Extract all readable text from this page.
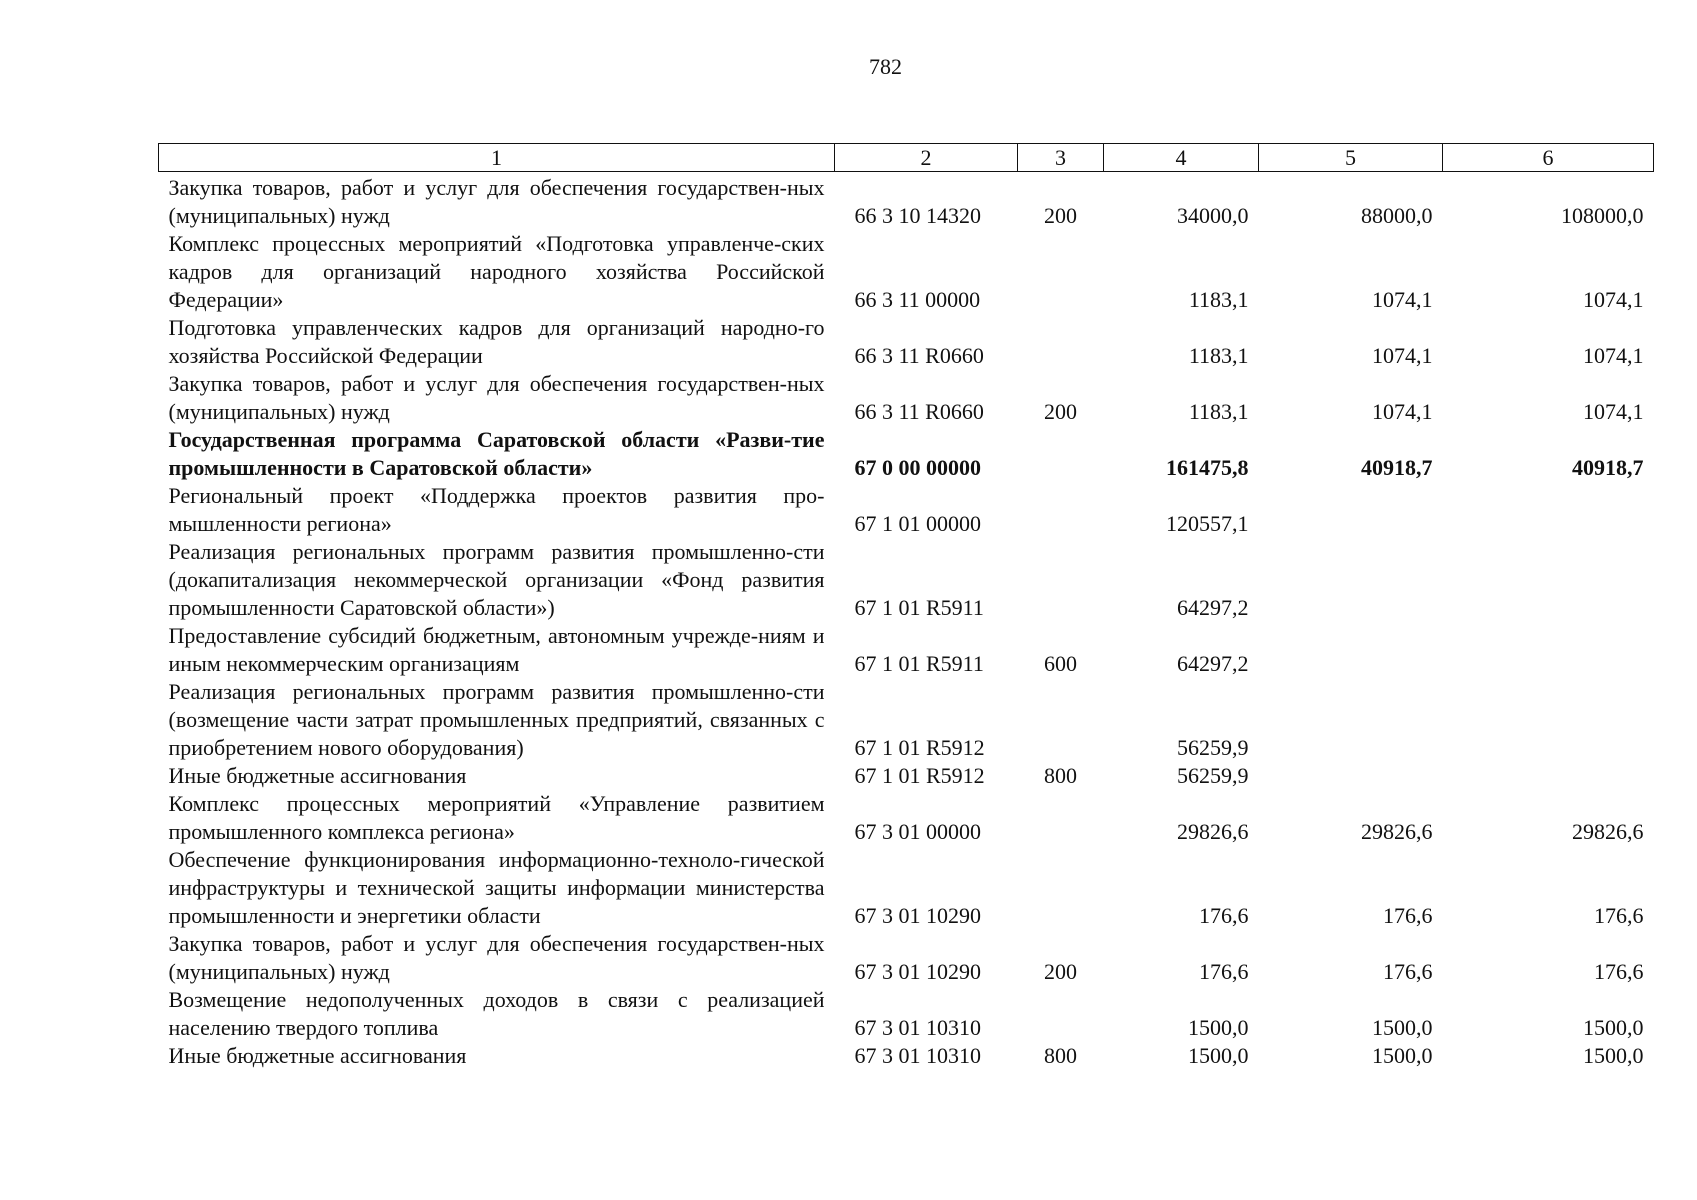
782
1	2	3	4	5	6
Закупка товаров, работ и услуг для обеспечения государствен-ных (муниципальных) нужд	66 3 10 14320	200	34000,0	88000,0	108000,0
Комплекс процессных мероприятий «Подготовка управленче-ских кадров для организаций народного хозяйства Российской Федерации»	66 3 11 00000		1183,1	1074,1	1074,1
Подготовка управленческих кадров для организаций народно-го хозяйства Российской Федерации	66 3 11 R0660		1183,1	1074,1	1074,1
Закупка товаров, работ и услуг для обеспечения государствен-ных (муниципальных) нужд	66 3 11 R0660	200	1183,1	1074,1	1074,1
Государственная программа Саратовской области «Разви-тие промышленности в Саратовской области»	67 0 00 00000		161475,8	40918,7	40918,7
Региональный проект «Поддержка проектов развития про-мышленности региона»	67 1 01 00000		120557,1		
Реализация региональных программ развития промышленно-сти (докапитализация некоммерческой организации «Фонд развития промышленности Саратовской области»)	67 1 01 R5911		64297,2		
Предоставление субсидий бюджетным, автономным учрежде-ниям и иным некоммерческим организациям	67 1 01 R5911	600	64297,2		
Реализация региональных программ развития промышленно-сти (возмещение части затрат промышленных предприятий, связанных с приобретением нового оборудования)	67 1 01 R5912		56259,9		
Иные бюджетные ассигнования	67 1 01 R5912	800	56259,9		
Комплекс процессных мероприятий «Управление развитием промышленного комплекса региона»	67 3 01 00000		29826,6	29826,6	29826,6
Обеспечение функционирования информационно-техноло-гической инфраструктуры и технической защиты информации министерства промышленности и энергетики области	67 3 01 10290		176,6	176,6	176,6
Закупка товаров, работ и услуг для обеспечения государствен-ных (муниципальных) нужд	67 3 01 10290	200	176,6	176,6	176,6
Возмещение недополученных доходов в связи с реализацией населению твердого топлива	67 3 01 10310		1500,0	1500,0	1500,0
Иные бюджетные ассигнования	67 3 01 10310	800	1500,0	1500,0	1500,0
